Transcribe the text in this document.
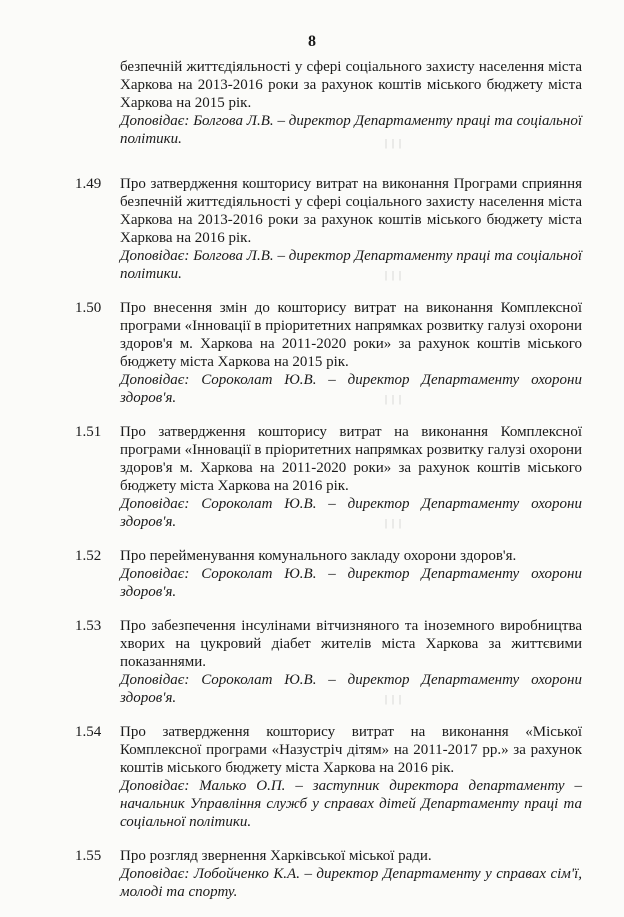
8
безпечній життєдіяльності у сфері соціального захисту населення міста Харкова на 2013-2016 роки за рахунок коштів міського бюджету міста Харкова на 2015 рік.
Доповідає: Болгова Л.В. – директор Департаменту праці та соціальної політики.	|||
1.49 Про затвердження кошторису витрат на виконання Програми сприяння безпечній життєдіяльності у сфері соціального захисту населення міста Харкова на 2013-2016 роки за рахунок коштів міського бюджету міста Харкова на 2016 рік.
Доповідає: Болгова Л.В. – директор Департаменту праці та соціальної політики.	|||
1.50 Про внесення змін до кошторису витрат на виконання Комплексної програми «Інновації в пріоритетних напрямках розвитку галузі охорони здоров'я м. Харкова на 2011-2020 роки» за рахунок коштів міського бюджету міста Харкова на 2015 рік.
Доповідає: Сороколат Ю.В. – директор Департаменту охорони здоров'я.	|||
1.51 Про затвердження кошторису витрат на виконання Комплексної програми «Інновації в пріоритетних напрямках розвитку галузі охорони здоров'я м. Харкова на 2011-2020 роки» за рахунок коштів міського бюджету міста Харкова на 2016 рік.
Доповідає: Сороколат Ю.В. – директор Департаменту охорони здоров'я.	|||
1.52 Про перейменування комунального закладу охорони здоров'я.
Доповідає: Сороколат Ю.В. – директор Департаменту охорони здоров'я.
1.53 Про забезпечення інсулінами вітчизняного та іноземного виробництва хворих на цукровий діабет жителів міста Харкова за життєвими показаннями.
Доповідає: Сороколат Ю.В. – директор Департаменту охорони здоров'я.	|||
1.54 Про затвердження кошторису витрат на виконання «Міської Комплексної програми «Назустріч дітям» на 2011-2017 рр.» за рахунок коштів міського бюджету міста Харкова на 2016 рік.
Доповідає: Малько О.П. – заступник директора департаменту – начальник Управління служб у справах дітей Департаменту праці та соціальної політики.
1.55 Про розгляд звернення Харківської міської ради.
Доповідає: Лобойченко К.А. – директор Департаменту у справах сім'ї, молоді та спорту.
